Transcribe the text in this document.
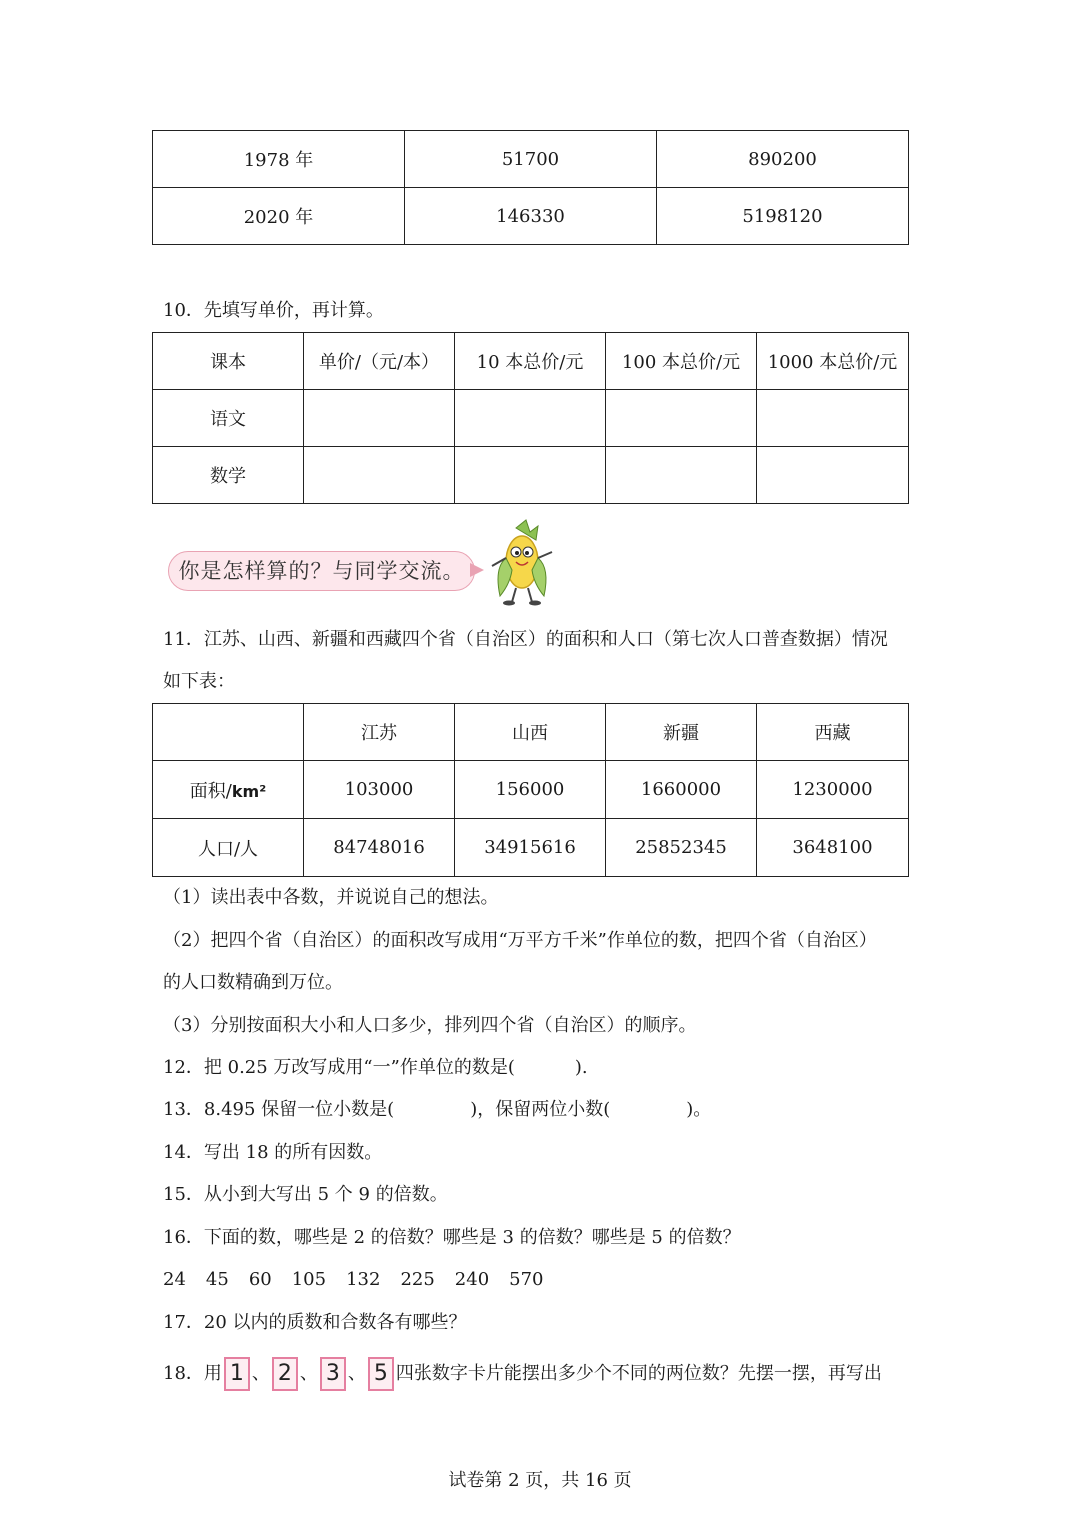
1978 年	51700	890200
2020 年	146330	5198120
10．先填写单价，再计算。
课本	单价/（元/本）	10 本总价/元	100 本总价/元	1000 本总价/元
语文				
数学				
你是怎样算的？与同学交流。
11．江苏、山西、新疆和西藏四个省（自治区）的面积和人口（第七次人口普查数据）情况
如下表：
	江苏	山西	新疆	西藏
面积/km²	103000	156000	1660000	1230000
人口/人	84748016	34915616	25852345	3648100
（1）读出表中各数，并说说自己的想法。
（2）把四个省（自治区）的面积改写成用“万平方千米”作单位的数，把四个省（自治区）
的人口数精确到万位。
（3）分别按面积大小和人口多少，排列四个省（自治区）的顺序。
12．把 0.25 万改写成用“一”作单位的数是(	).
13．8.495 保留一位小数是(	)，保留两位小数(	)。
14．写出 18 的所有因数。
15．从小到大写出 5 个 9 的倍数。
16．下面的数，哪些是 2 的倍数？哪些是 3 的倍数？哪些是 5 的倍数？
24 45 60 105 132 225 240 570
17．20 以内的质数和合数各有哪些？
18．用 1 、 2 、 3 、 5 四张数字卡片能摆出多少个不同的两位数？先摆一摆，再写出
试卷第 2 页，共 16 页
